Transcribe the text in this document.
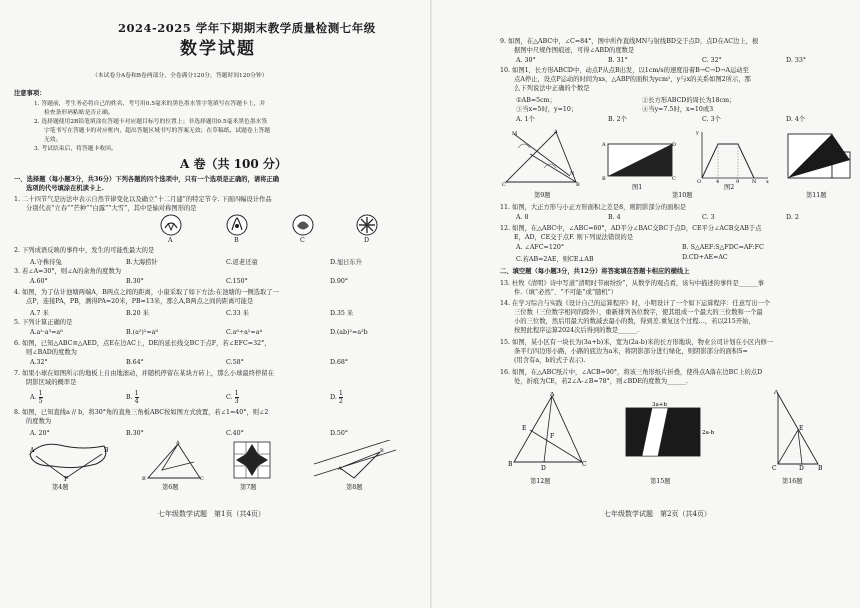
2024-2025 学年下期期末教学质量检测七年级
数学试题
（本试卷分A卷和B卷两部分，全卷满分120分，答题时间120分钟）
注意事项：
1. 答题前，考生务必将自己的姓名、考号用0.5毫米的黑色墨水签字笔填写在答题卡上，并
检查条形码粘贴是否正确。
2. 选择题使用2B铅笔填涂在答题卡对应题目标号的位置上；非选择题用0.5毫米黑色墨水签
字笔书写在答题卡的对应框内，超出答题区域书写的答案无效；在草稿纸、试题卷上答题
无效。
3. 考试结束后，将答题卡收回。
A 卷（共 100 分）
一、选择题（每小题3分，共36分）下列各题的四个选项中，只有一个选项是正确的，请将正确
选项的代号填涂在机读卡上.
1. 二十四节气是历法中表示自然节律变化以及确立“十二月建”的特定节令. 下面四幅设计作品
分别代表“立春”“芒种”“白露”“大雪”，其中是轴对称图形的是
A	B	C	D
2. 下列成语反映的事件中，发生的可能性最大的是
A.守株待兔	B.大海捞针	C.返老还童	D.旭日东升
3. 若∠A=30°，则∠A的余角的度数为
A.60°	B.30°	C.150°	D.90°
4. 如图，为了估计池塘两端A，B两点之间的距离，小康采取了如下方法:在池塘的一侧选取了一
点P，连接PA，PB，测得PA=20米，PB=13米，那么A,B两点之间的距离可能是
A.7 米	B.20 米	C.33 米	D.35 米
5. 下列计算正确的是
A.a²·a³=a⁶	B.(a²)²=a⁸	C.a⁶÷a²=a⁴	D.(ab)²=a²b
6. 如图，已知△ABC≌△AED，点E在边AC上，DE的延长线交BC于点F，若∠EFC=32°，
则∠BAD的度数为
A.32°	B.64°	C.58°	D.68°
7. 如果小球在如图所示的地板上自由地滚动，并随机停留在某块方砖上，那么小球最终停留在
阴影区域的概率是
A. $\frac{1}{5}$	B. $\frac{1}{4}$	C. $\frac{1}{3}$	D. $\frac{1}{2}$
8. 如图，已知直线a // b，将30°角的直角三角板ABC按如图方式放置，若∠1=40°，则∠2
的度数为
A. 20°	B.30°	C.40°	D.50°
A	B
P
A
B	C
A
B
第4题	第6题	第7题	第8题
七年级数学试题　第1页（共4页）
9. 如图，在△ABC中，∠C=84°，图中所作直线MN与射线BD交于点D，点D在AC边上，根
据图中尺规作图痕迹，可得∠ABD的度数是
A. 30°	B. 31°	C. 32°	D. 33°
10. 如图1，长方形ABCD中，动点P从点B出发，以1cm/s的速度沿着B→C→D→A运动至
点A停止，设点P运动的时间为xs，△ABP的面积为ycm²，y与x的关系如图2所示，那
么下列说法中正确的个数是
①AB=5cm；	②长方形ABCD的周长为18cm；
③当x=5时，y=10；	④当y=7.5时，x=10或3
A. 1个	B. 2个	C. 3个	D. 4个
A
C	B
M
N
A	D
B	C
y
x
O	4	9	N
第9题
图1	图2
第10题	第11题
11. 如图，大正方形与小正方形面积之差是8，则阴影部分的面积是
A. 8	B. 4	C. 3	D. 2
12. 如图，在△ABC中，∠ABC=60°，AD平分∠BAC交BC于点D，CE平分∠ACB交AB于点
E，AD，CE交于点F. 则下列说法错误的是
A. ∠AFC=120°	B. S△AEF:S△FDC=AF:FC
C.若AB=2AE，则CE⊥AB	D.CD+AE=AC
二、填空题（每小题3分，共12分）将答案填在答题卡相应的横线上
13. 杜牧《清明》诗中写道“清明时节雨纷纷”，从数学的观点看，该句中描述的事件是______事
件.（填“必然”、“不可能”或“随机”）
14. 在学习综合与实践《设计自己的运算程序》时，小明设计了一个如下运算程序：任意写出一个
三位数（三位数字相同的除外），重新排列各位数字，使其组成一个最大的三位数和一个最
小的三位数，然后用最大的数减去最小的数，得到差.重复这个过程…，若以215开始，
按照此程序运算2024次后得到的数是______.
15. 如图，某小区有一块长为(3a+b)米，宽为(2a-b)米的长方形地块，物业公司计划在小区内修一
条平行四边形小路，小路的底边为a米，将阴影部分进行绿化，则阴影部分的面积S=
(用含有a，b的式子表示).
16. 如图，在△ABC纸片中，∠ACB=90°，将该三角形纸片折叠，使得点A落在边BC上的点D
处，折痕为CE，若2∠A-∠B=78°，则∠BDE的度数为______.
A
B	C
D
E
F
3a+b
2a-b
A
C	B
D
E
第12题	第15题	第16题
七年级数学试题　第2页（共4页）
